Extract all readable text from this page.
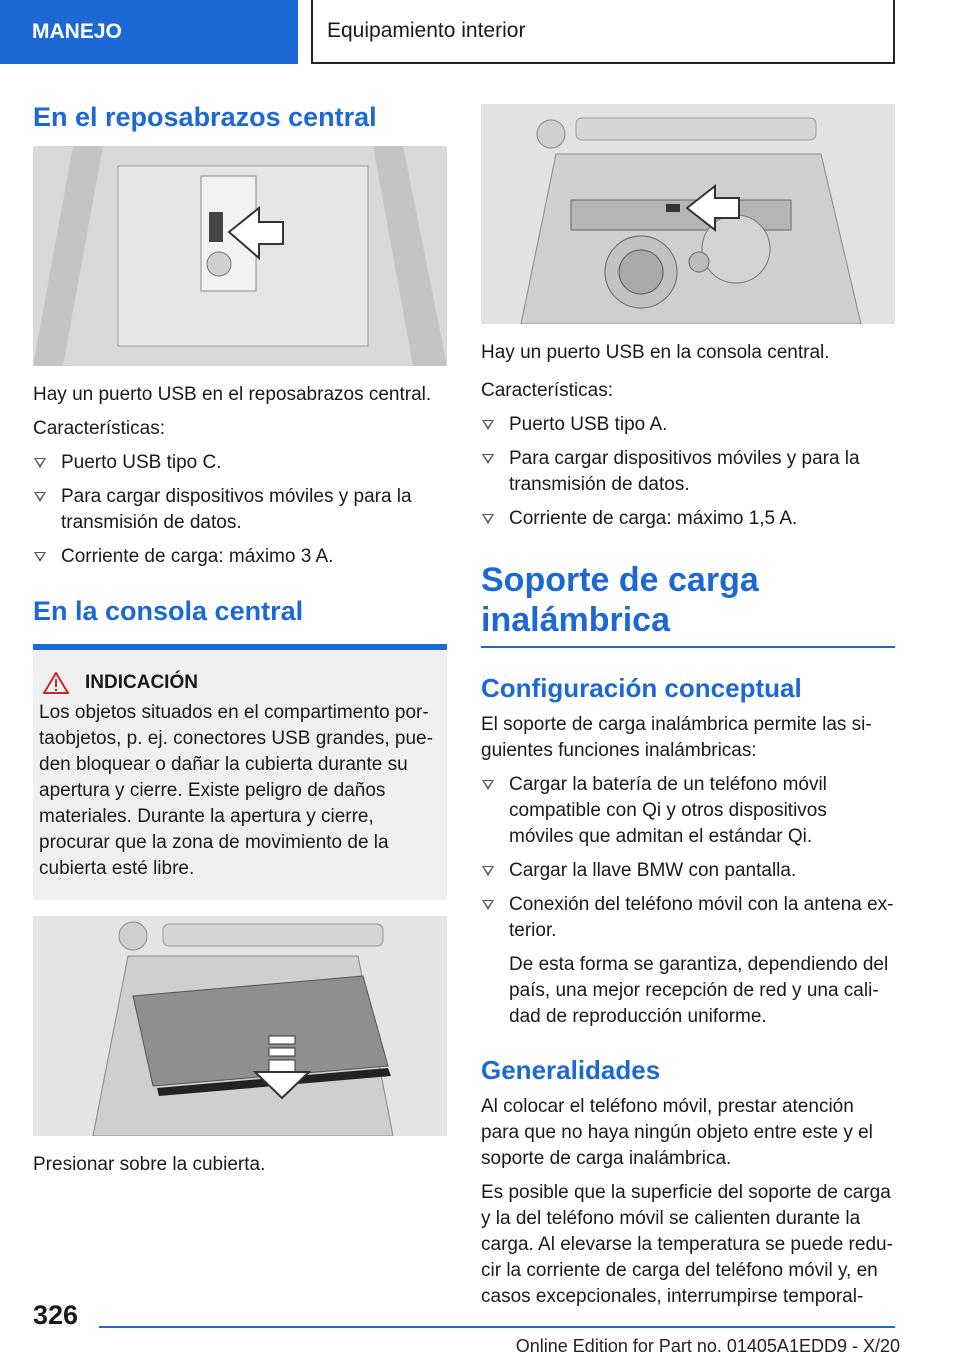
MANEJO	Equipamiento interior
En el reposabrazos central

Hay un puerto USB en el reposabrazos central.

Características:

Puerto USB tipo C.
Para cargar dispositivos móviles y para la transmisión de datos.
Corriente de carga: máximo 3 A.
En la consola central
INDICACIÓN

Los objetos situados en el compartimento portaobjetos, p. ej. conectores USB grandes, pueden bloquear o dañar la cubierta durante su apertura y cierre. Existe peligro de daños materiales. Durante la apertura y cierre, procurar que la zona de movimiento de la cubierta esté libre.

Presionar sobre la cubierta.

Hay un puerto USB en la consola central.

Características:

Puerto USB tipo A.
Para cargar dispositivos móviles y para la transmisión de datos.
Corriente de carga: máximo 1,5 A.
Soporte de carga inalámbrica
Configuración conceptual

El soporte de carga inalámbrica permite las siguientes funciones inalámbricas:

Cargar la batería de un teléfono móvil compatible con Qi y otros dispositivos móviles que admitan el estándar Qi.
Cargar la llave BMW con pantalla.
Conexión del teléfono móvil con la antena exterior.
De esta forma se garantiza, dependiendo del país, una mejor recepción de red y una calidad de reproducción uniforme.
Generalidades

Al colocar el teléfono móvil, prestar atención para que no haya ningún objeto entre este y el soporte de carga inalámbrica.

Es posible que la superficie del soporte de carga y la del teléfono móvil se calienten durante la carga. Al elevarse la temperatura se puede reducir la corriente de carga del teléfono móvil y, en casos excepcionales, interrumpirse temporal-

326
Online Edition for Part no. 01405A1EDD9 - X/20
